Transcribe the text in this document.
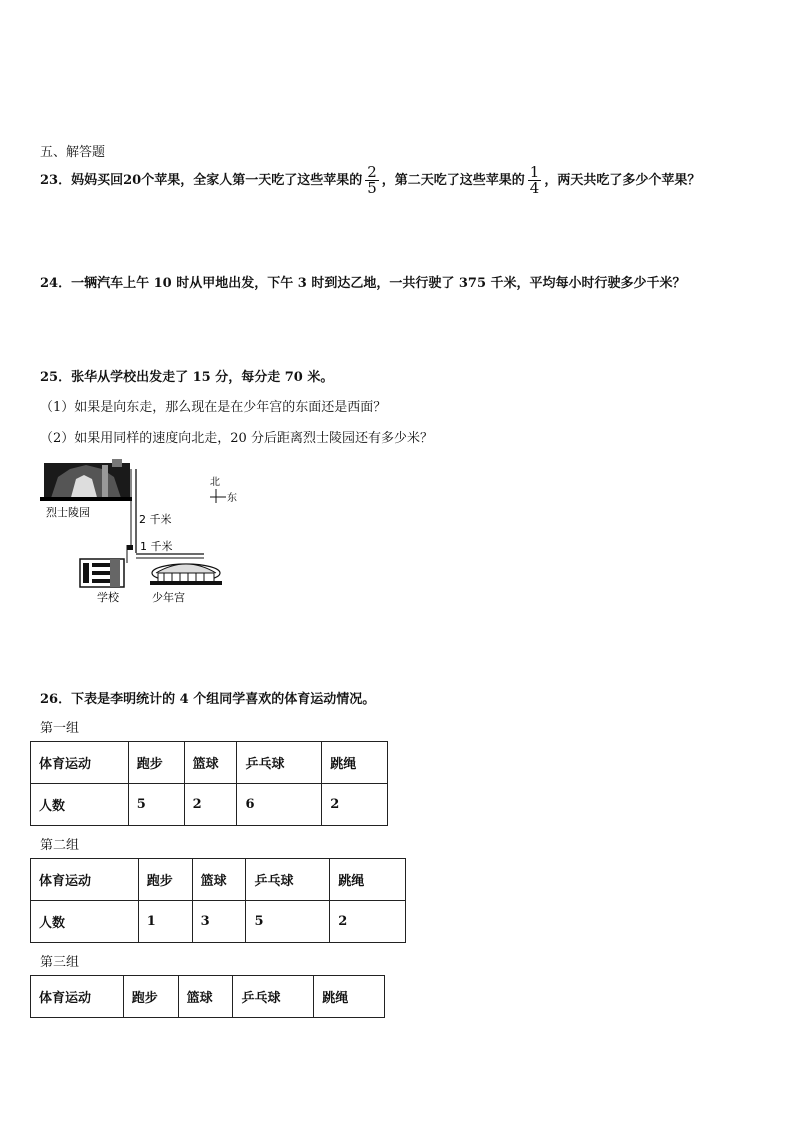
五、解答题
23．妈妈买回20个苹果，全家人第一天吃了这些苹果的 $\frac{2}{5}$ ，第二天吃了这些苹果的 $\frac{1}{4}$ ，两天共吃了多少个苹果？
24．一辆汽车上午 10 时从甲地出发，下午 3 时到达乙地，一共行驶了 375 千米，平均每小时行驶多少千米？
25．张华从学校出发走了 15 分，每分走 70 米。
（1）如果是向东走，那么现在是在少年宫的东面还是西面？
（2）如果用同样的速度向北走，20 分后距离烈士陵园还有多少米？
烈士陵园
2 千米
1 千米
学校	少年宫
北
东
26．下表是李明统计的 4 个组同学喜欢的体育运动情况。
第一组
体育运动	跑步	篮球	乒乓球	跳绳
人数	5	2	6	2
第二组
体育运动	跑步	篮球	乒乓球	跳绳
人数	1	3	5	2
第三组
体育运动	跑步	篮球	乒乓球	跳绳
